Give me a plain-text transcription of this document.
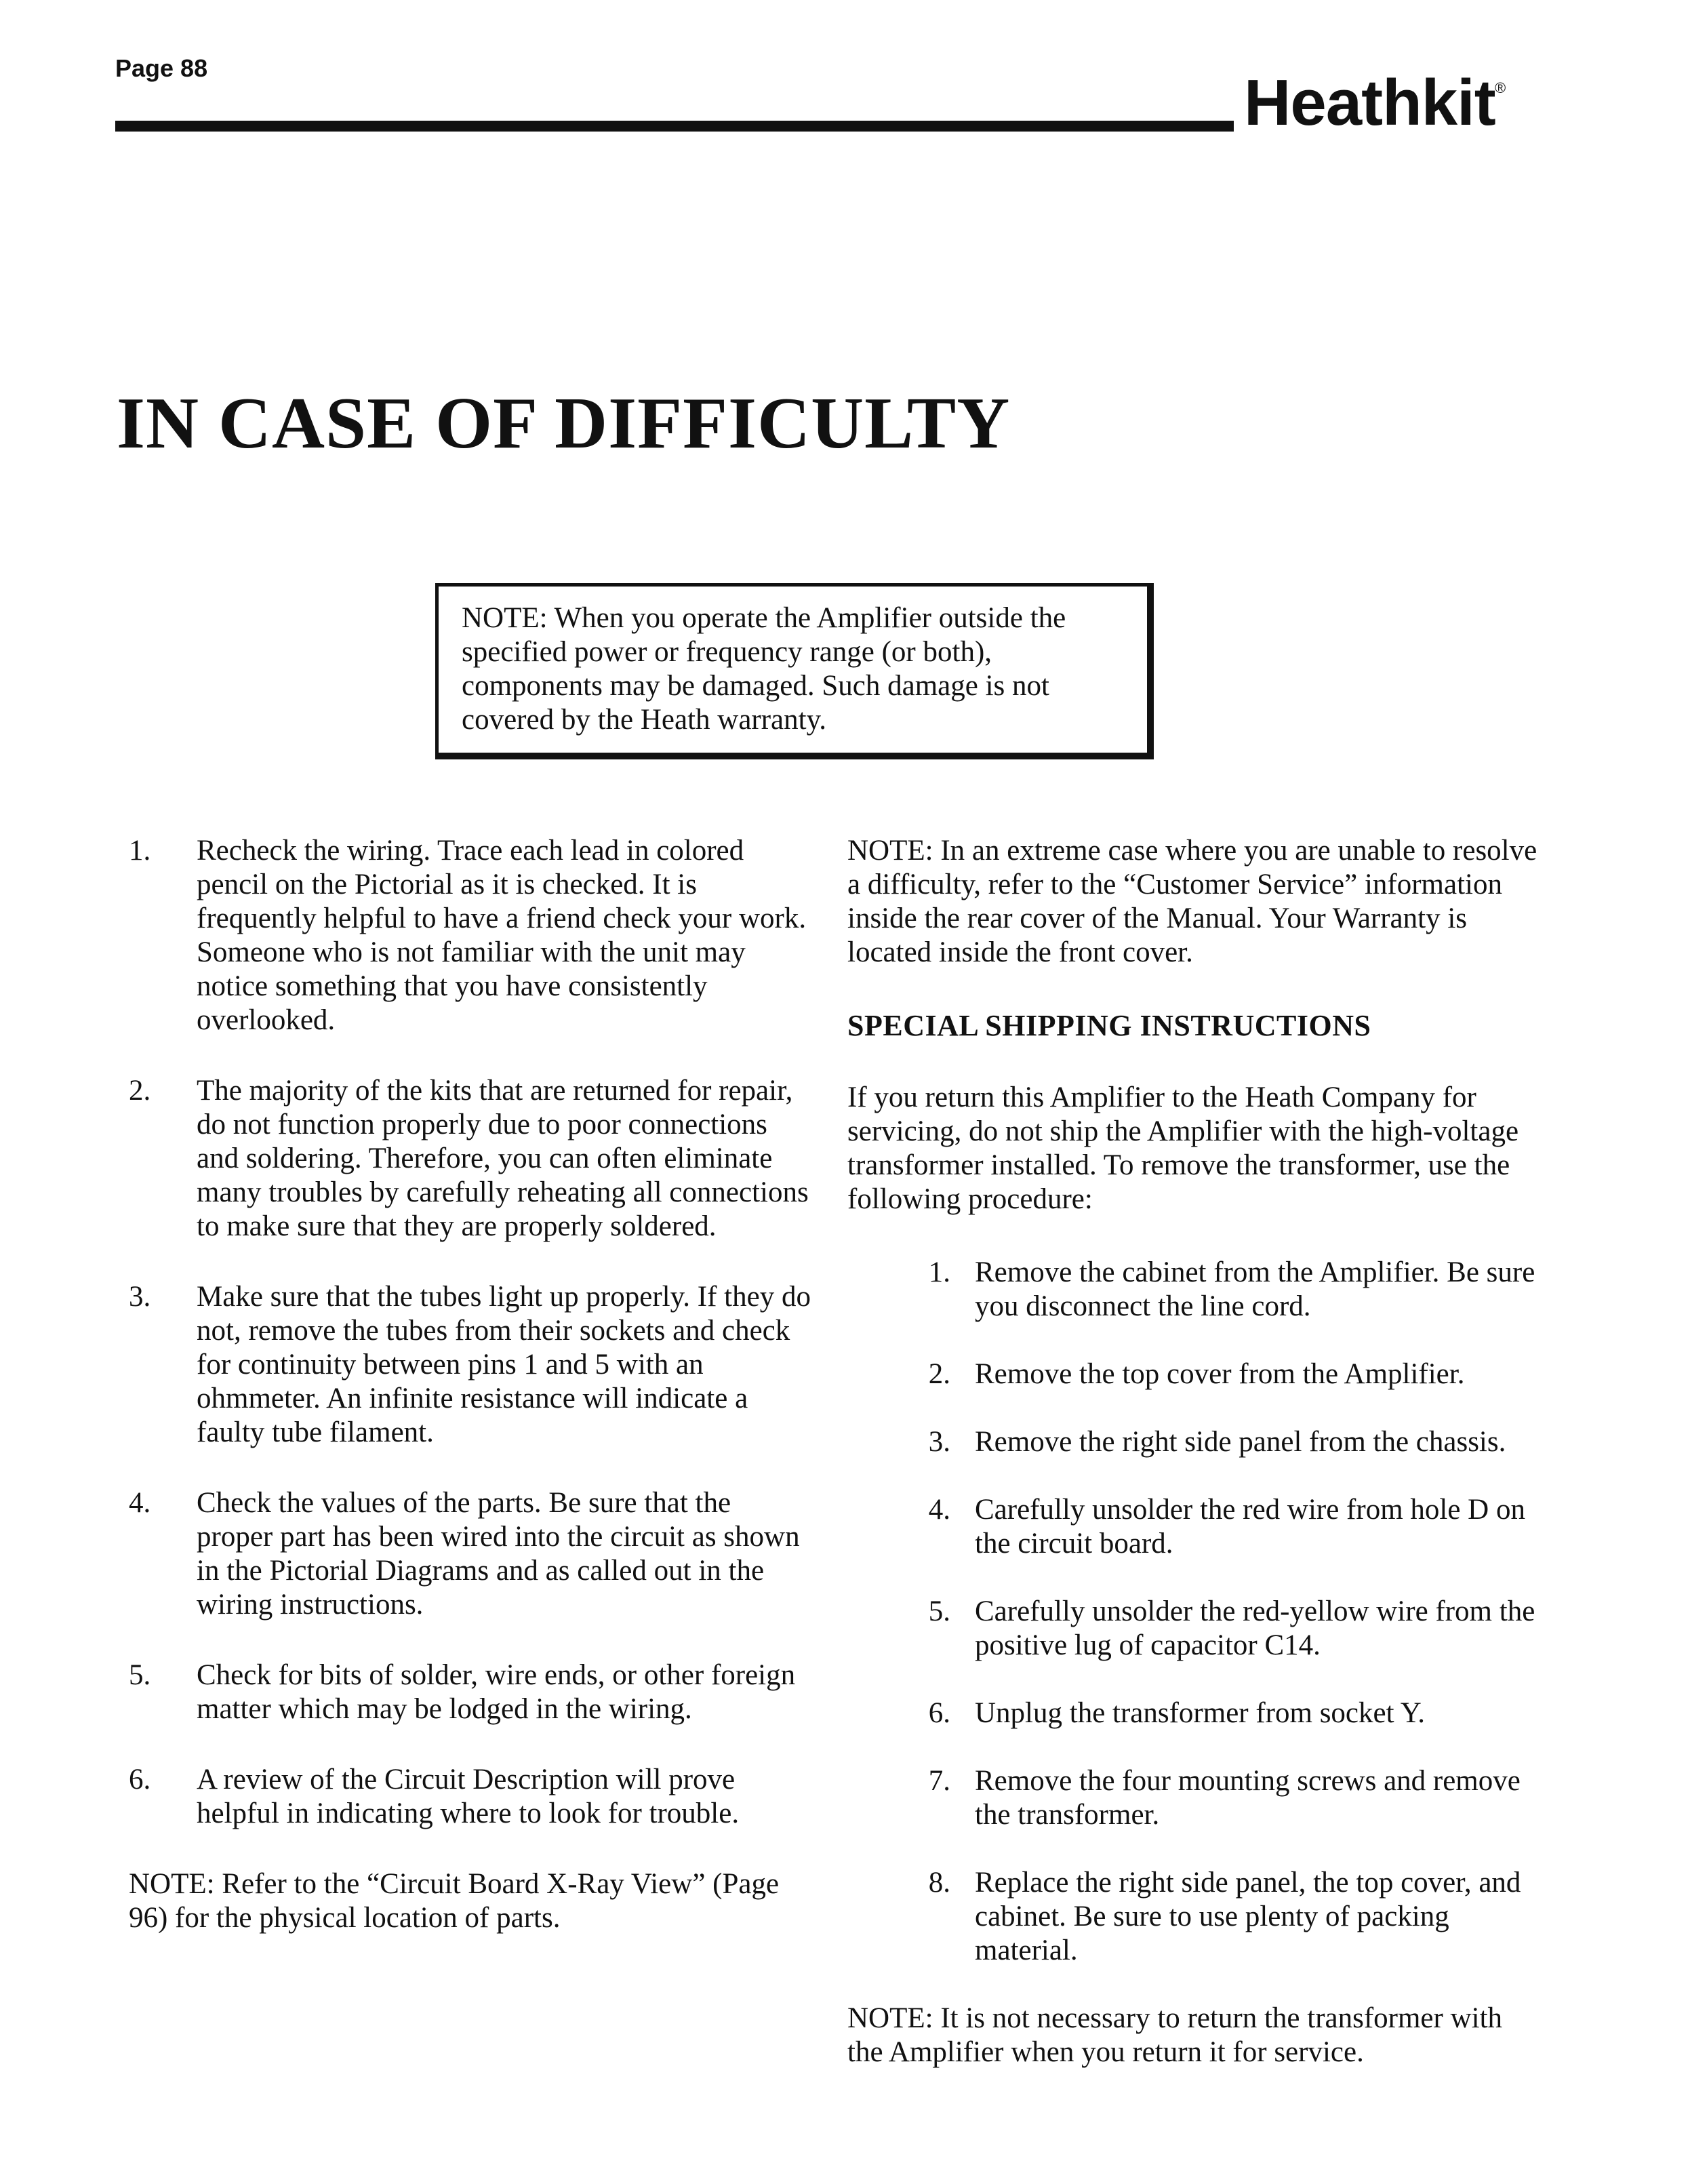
Page 88	Heathkit ®
IN CASE OF DIFFICULTY
1.	Recheck the wiring. Trace each lead in colored pencil on the Pictorial as it is checked. It is frequently helpful to have a friend check your work. Someone who is not familiar with the unit may notice something that you have consistently overlooked.
2.	The majority of the kits that are returned for repair, do not function properly due to poor connections and soldering. Therefore, you can often eliminate many troubles by carefully reheating all connections to make sure that they are properly soldered.
3.	Make sure that the tubes light up properly. If they do not, remove the tubes from their sockets and check for continuity between pins 1 and 5 with an ohmmeter. An infinite resistance will indicate a faulty tube filament.
4.	Check the values of the parts. Be sure that the proper part has been wired into the circuit as shown in the Pictorial Diagrams and as called out in the wiring instructions.
5.	Check for bits of solder, wire ends, or other foreign matter which may be lodged in the wiring.
6.	A review of the Circuit Description will prove helpful in indicating where to look for trouble.

NOTE: Refer to the “Circuit Board X-Ray View” (Page 96) for the physical location of parts.

NOTE: In an extreme case where you are unable to resolve a difficulty, refer to the “Customer Service” information inside the rear cover of the Manual. Your Warranty is located inside the front cover.

SPECIAL SHIPPING INSTRUCTIONS

If you return this Amplifier to the Heath Company for servicing, do not ship the Amplifier with the high-voltage transformer installed. To remove the transformer, use the following procedure:

1. Remove the cabinet from the Amplifier. Be sure you disconnect the line cord.
2. Remove the top cover from the Amplifier.
3. Remove the right side panel from the chassis.
4. Carefully unsolder the red wire from hole D on the circuit board.
5. Carefully unsolder the red-yellow wire from the positive lug of capacitor C14.
6. Unplug the transformer from socket Y.
7. Remove the four mounting screws and remove the transformer.
8. Replace the right side panel, the top cover, and cabinet. Be sure to use plenty of packing material.

NOTE: It is not necessary to return the transformer with the Amplifier when you return it for service.

NOTE: When you operate the Amplifier outside the specified power or frequency range (or both), components may be damaged. Such damage is not covered by the Heath warranty.
